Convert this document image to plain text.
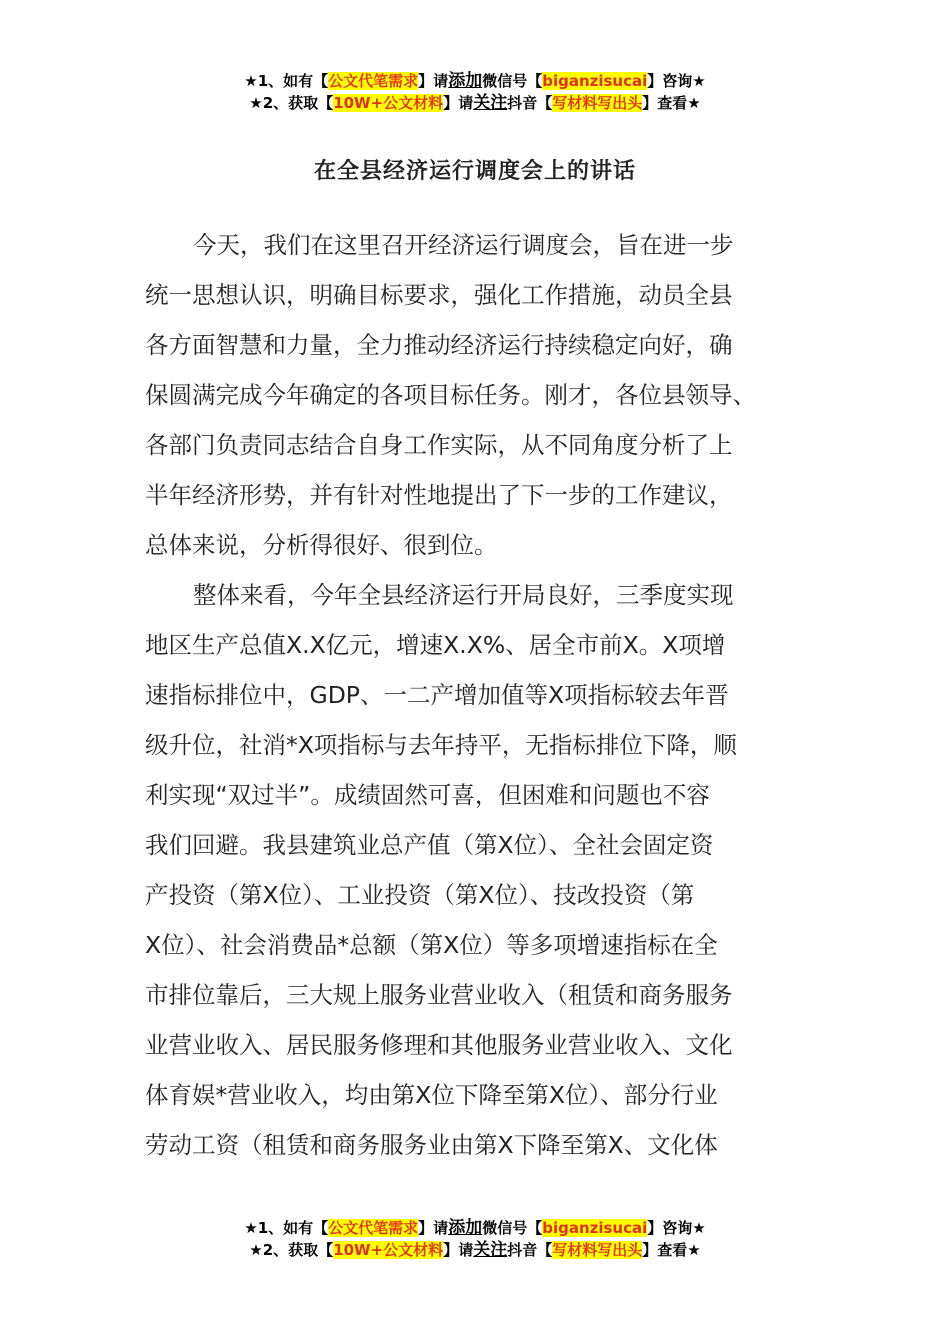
★1、如有【公文代笔需求】请添加微信号【biganzisucai】咨询★
★2、获取【10W+公文材料】请关注抖音【写材料写出头】查看★
在全县经济运行调度会上的讲话
今天，我们在这里召开经济运行调度会，旨在进一步
统一思想认识，明确目标要求，强化工作措施，动员全县
各方面智慧和力量，全力推动经济运行持续稳定向好，确
保圆满完成今年确定的各项目标任务。刚才，各位县领导、
各部门负责同志结合自身工作实际，从不同角度分析了上
半年经济形势，并有针对性地提出了下一步的工作建议，
总体来说，分析得很好、很到位。
整体来看，今年全县经济运行开局良好，三季度实现
地区生产总值X.X亿元，增速X.X%、居全市前X。X项增
速指标排位中，GDP、一二产增加值等X项指标较去年晋
级升位，社消*X项指标与去年持平，无指标排位下降，顺
利实现“双过半”。成绩固然可喜，但困难和问题也不容
我们回避。我县建筑业总产值（第X位）、全社会固定资
产投资（第X位）、工业投资（第X位）、技改投资（第
X位）、社会消费品*总额（第X位）等多项增速指标在全
市排位靠后，三大规上服务业营业收入（租赁和商务服务
业营业收入、居民服务修理和其他服务业营业收入、文化
体育娱*营业收入，均由第X位下降至第X位）、部分行业
劳动工资（租赁和商务服务业由第X下降至第X、文化体
★1、如有【公文代笔需求】请添加微信号【biganzisucai】咨询★
★2、获取【10W+公文材料】请关注抖音【写材料写出头】查看★
